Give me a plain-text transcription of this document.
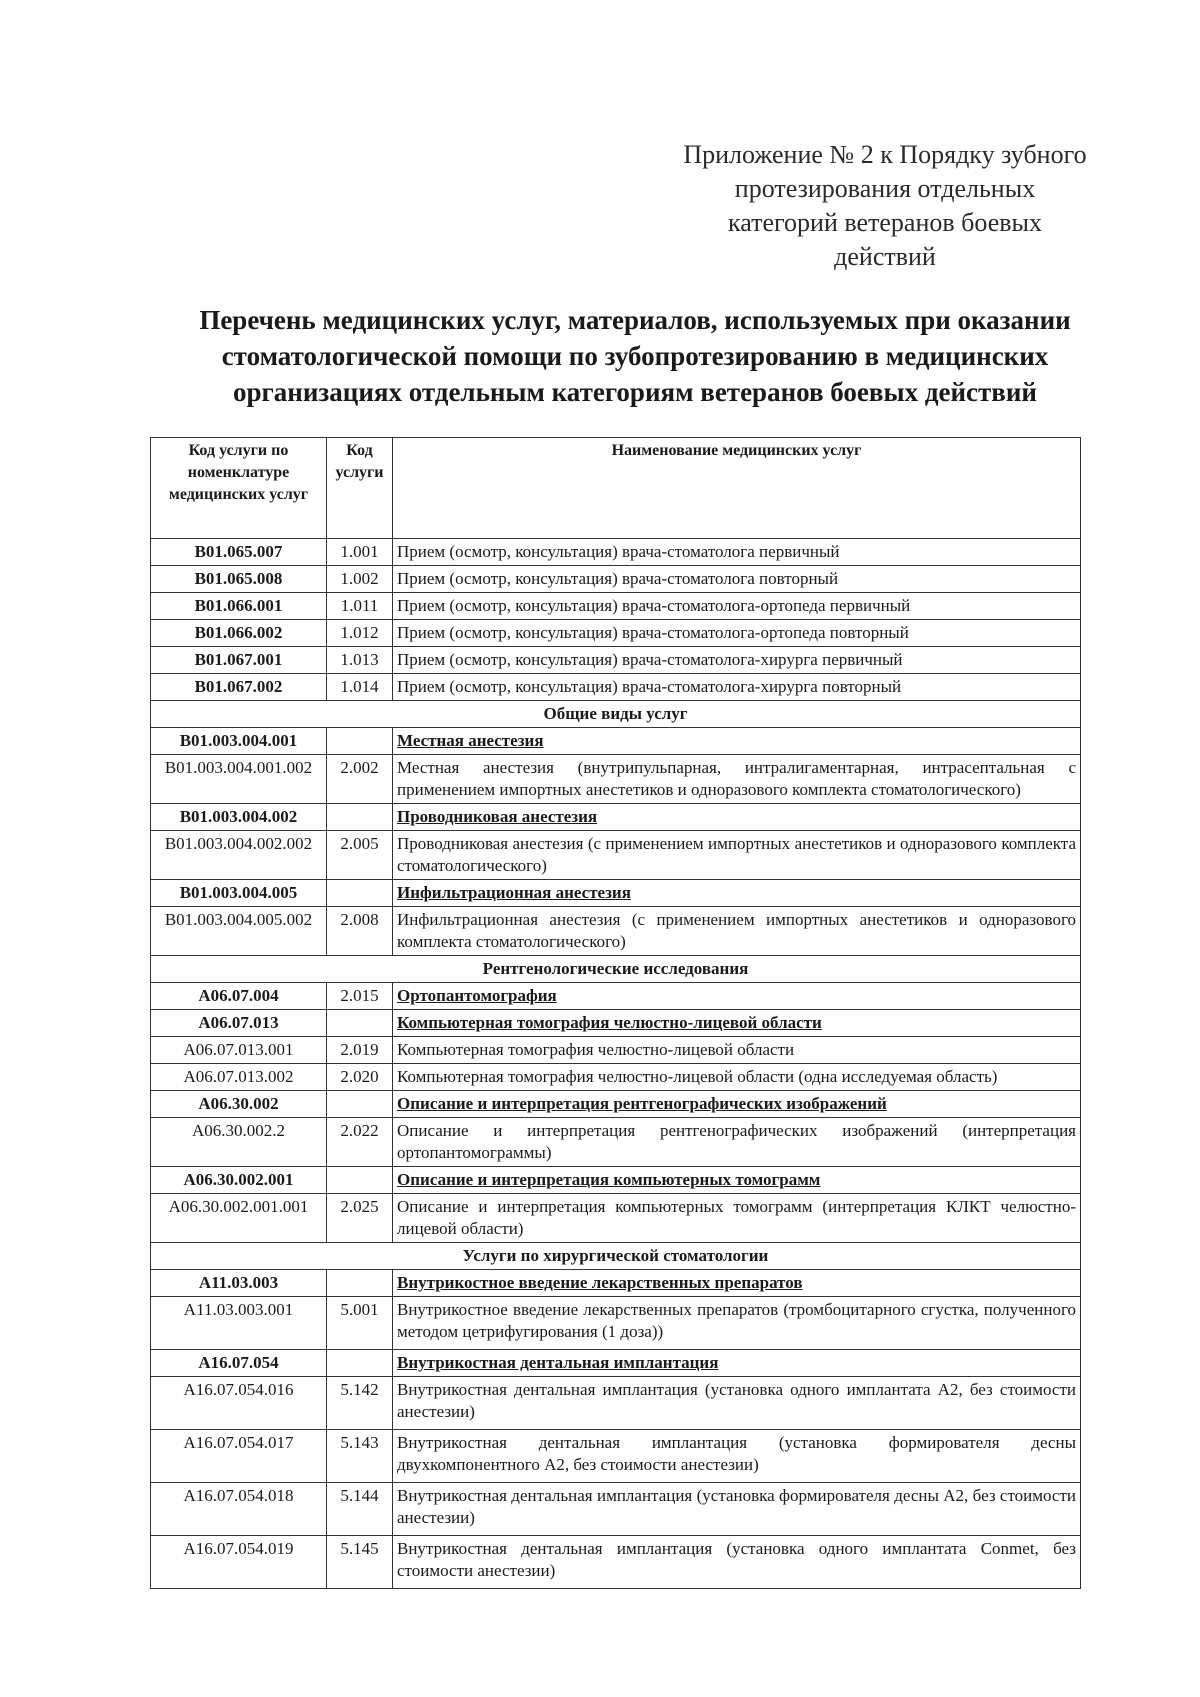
Приложение № 2 к Порядку зубного
протезирования отдельных
категорий ветеранов боевых
действий
Перечень медицинских услуг, материалов, используемых при оказании
стоматологической помощи по зубопротезированию в медицинских
организациях отдельным категориям ветеранов боевых действий
Код услуги по номенклатуре медицинских услуг	Код услуги	Наименование медицинских услуг
B01.065.007	1.001	Прием (осмотр, консультация) врача-стоматолога первичный
B01.065.008	1.002	Прием (осмотр, консультация) врача-стоматолога повторный
B01.066.001	1.011	Прием (осмотр, консультация) врача-стоматолога-ортопеда первичный
B01.066.002	1.012	Прием (осмотр, консультация) врача-стоматолога-ортопеда повторный
B01.067.001	1.013	Прием (осмотр, консультация) врача-стоматолога-хирурга первичный
B01.067.002	1.014	Прием (осмотр, консультация) врача-стоматолога-хирурга повторный
Общие виды услуг		
B01.003.004.001		Местная анестезия
B01.003.004.001.002	2.002	Местная анестезия (внутрипульпарная, интралигаментарная, интрасептальная с применением импортных анестетиков и одноразового комплекта стоматологического)
B01.003.004.002		Проводниковая анестезия
B01.003.004.002.002	2.005	Проводниковая анестезия (с применением импортных анестетиков и одноразового комплекта стоматологического)
B01.003.004.005		Инфильтрационная анестезия
B01.003.004.005.002	2.008	Инфильтрационная анестезия (с применением импортных анестетиков и одноразового комплекта стоматологического)
Рентгенологические исследования		
A06.07.004	2.015	Ортопантомография
A06.07.013		Компьютерная томография челюстно-лицевой области
A06.07.013.001	2.019	Компьютерная томография челюстно-лицевой области
A06.07.013.002	2.020	Компьютерная томография челюстно-лицевой области (одна исследуемая область)
A06.30.002		Описание и интерпретация рентгенографических изображений
A06.30.002.2	2.022	Описание и интерпретация рентгенографических изображений (интерпретация ортопантомограммы)
A06.30.002.001		Описание и интерпретация компьютерных томограмм
A06.30.002.001.001	2.025	Описание и интерпретация компьютерных томограмм (интерпретация КЛКТ челюстно-лицевой области)
Услуги по хирургической стоматологии		
A11.03.003		Внутрикостное введение лекарственных препаратов
A11.03.003.001	5.001	Внутрикостное введение лекарственных препаратов (тромбоцитарного сгустка, полученного методом цетрифугирования (1 доза))
A16.07.054		Внутрикостная дентальная имплантация
A16.07.054.016	5.142	Внутрикостная дентальная имплантация (установка одного имплантата А2, без стоимости анестезии)
A16.07.054.017	5.143	Внутрикостная дентальная имплантация (установка формирователя десны двухкомпонентного А2, без стоимости анестезии)
A16.07.054.018	5.144	Внутрикостная дентальная имплантация (установка формирователя десны А2, без стоимости анестезии)
A16.07.054.019	5.145	Внутрикостная дентальная имплантация (установка одного имплантата Conmet, без стоимости анестезии)
